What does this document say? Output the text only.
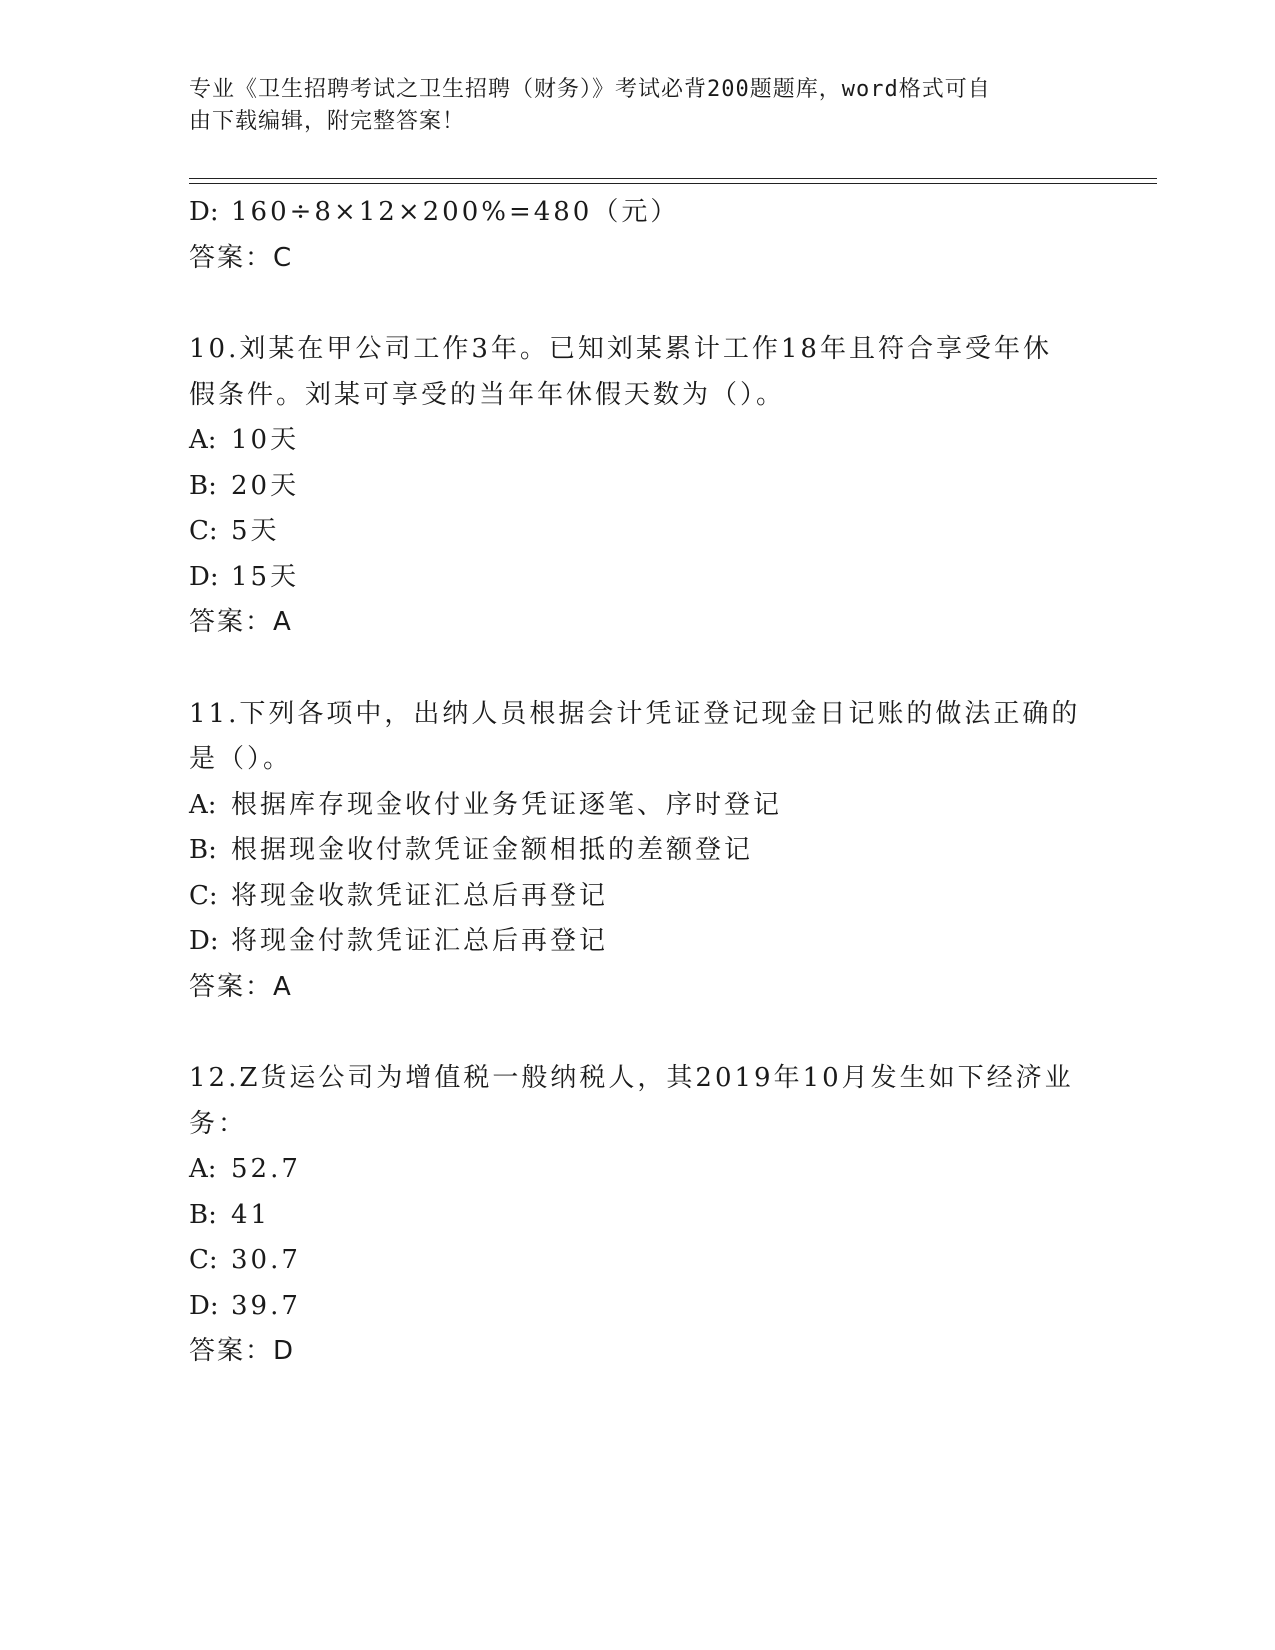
专业《卫生招聘考试之卫生招聘（财务）》考试必背200题题库，word格式可自
由下载编辑，附完整答案！
D: 160÷8×12×200%=480（元）
答案：C
10.刘某在甲公司工作3年。已知刘某累计工作18年且符合享受年休
假条件。刘某可享受的当年年休假天数为（）。
A: 10天
B: 20天
C: 5天
D: 15天
答案：A
11.下列各项中，出纳人员根据会计凭证登记现金日记账的做法正确的
是（）。
A: 根据库存现金收付业务凭证逐笔、序时登记
B: 根据现金收付款凭证金额相抵的差额登记
C: 将现金收款凭证汇总后再登记
D: 将现金付款凭证汇总后再登记
答案：A
12.Z货运公司为增值税一般纳税人，其2019年10月发生如下经济业
务：
A: 52.7
B: 41
C: 30.7
D: 39.7
答案：D
